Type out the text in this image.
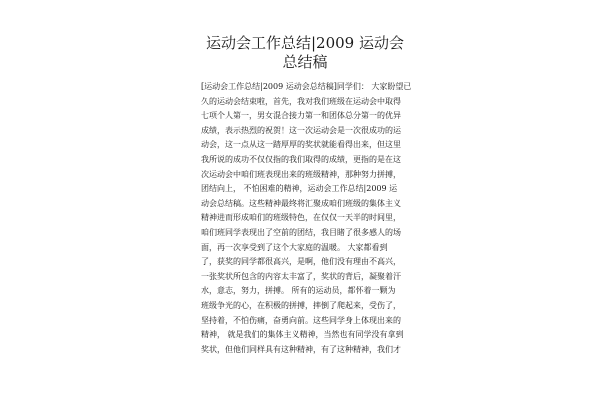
运动会工作总结|2009 运动会
总结稿
[运动会工作总结|2009 运动会总结稿]同学们： 大家盼望已
久的运动会结束啦，首先，我对我们班级在运动会中取得
七项个人第一，男女混合接力第一和团体总分第一的优异
成绩，表示热烈的祝贺！这一次运动会是一次很成功的运
动会，这一点从这一踏厚厚的奖状就能看得出来，但这里
我所说的成功不仅仅指的我们取得的成绩，更指的是在这
次运动会中咱们班表现出来的班级精神，那种努力拼搏，
团结向上， 不怕困难的精神，运动会工作总结|2009 运
动会总结稿。这些精神最终将汇聚成咱们班级的集体主义
精神进而形成咱们的班级特色，在仅仅一天半的时间里，
咱们班同学表现出了空前的团结，我目睹了很多感人的场
面，再一次享受到了这个大家庭的温暖。 大家都看到
了，获奖的同学都很高兴，是啊，他们没有理由不高兴，
一张奖状所包含的内容太丰富了，奖状的背后，凝聚着汗
水，意志，努力，拼搏。 所有的运动员，都怀着一颗为
班级争光的心，在积极的拼搏，摔倒了爬起来，受伤了，
坚持着，不怕伤痛，奋勇向前。这些同学身上体现出来的
精神， 就是我们的集体主义精神，当然也有同学没有拿到
奖状，但他们同样具有这种精神，有了这种精神，我们才
